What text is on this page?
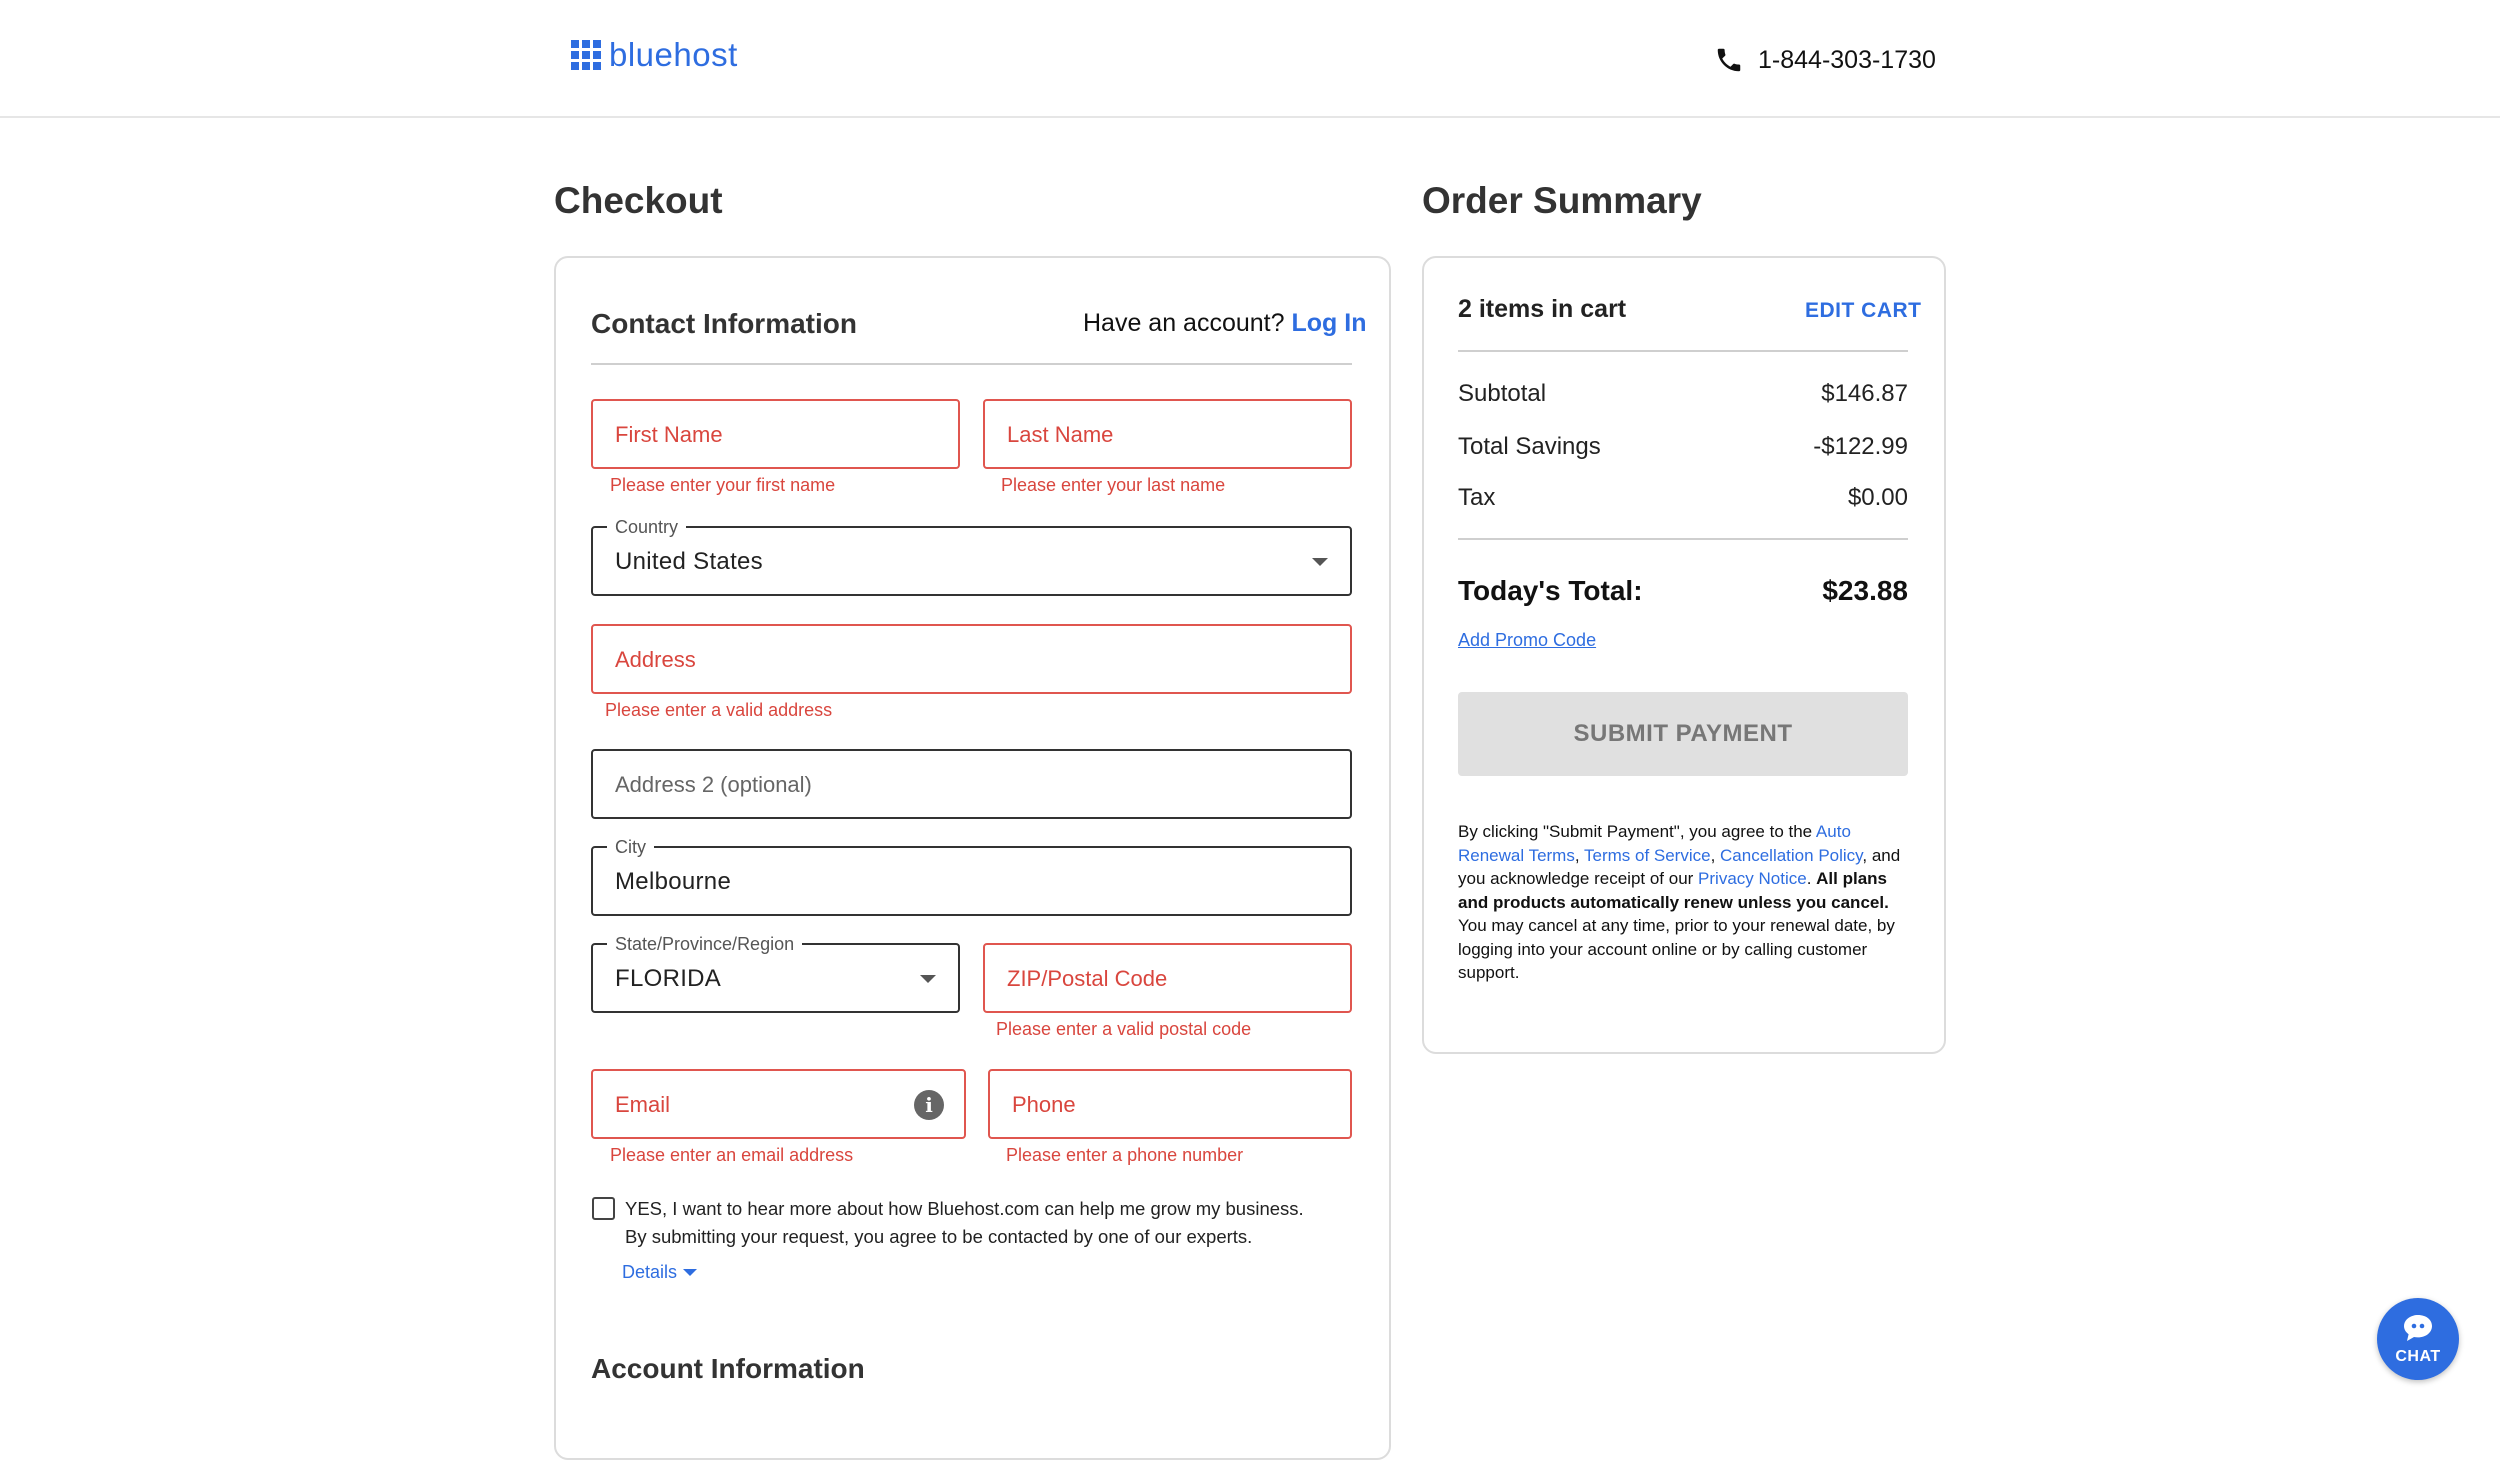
bluehost	1-844-303-1730
Checkout	Order Summary
Contact Information	Have an account? Log In
First Name
Please enter your first name
Last Name
Please enter your last name
Country
United States
Address
Please enter a valid address
Address 2 (optional)
City
Melbourne
State/Province/Region
FLORIDA	ZIP/Postal Code
Please enter a valid postal code
Email	i
Please enter an email address
Phone
Please enter a phone number
YES, I want to hear more about how Bluehost.com can help me grow my business.
By submitting your request, you agree to be contacted by one of our experts.
Details
Account Information
2 items in cart	EDIT CART
Subtotal	$146.87
Total Savings	-$122.99
Tax	$0.00
Today's Total:	$23.88
Add Promo Code
SUBMIT PAYMENT
By clicking "Submit Payment", you agree to the Auto Renewal Terms, Terms of Service, Cancellation Policy, and you acknowledge receipt of our Privacy Notice. All plans and products automatically renew unless you cancel. You may cancel at any time, prior to your renewal date, by logging into your account online or by calling customer support.
CHAT
